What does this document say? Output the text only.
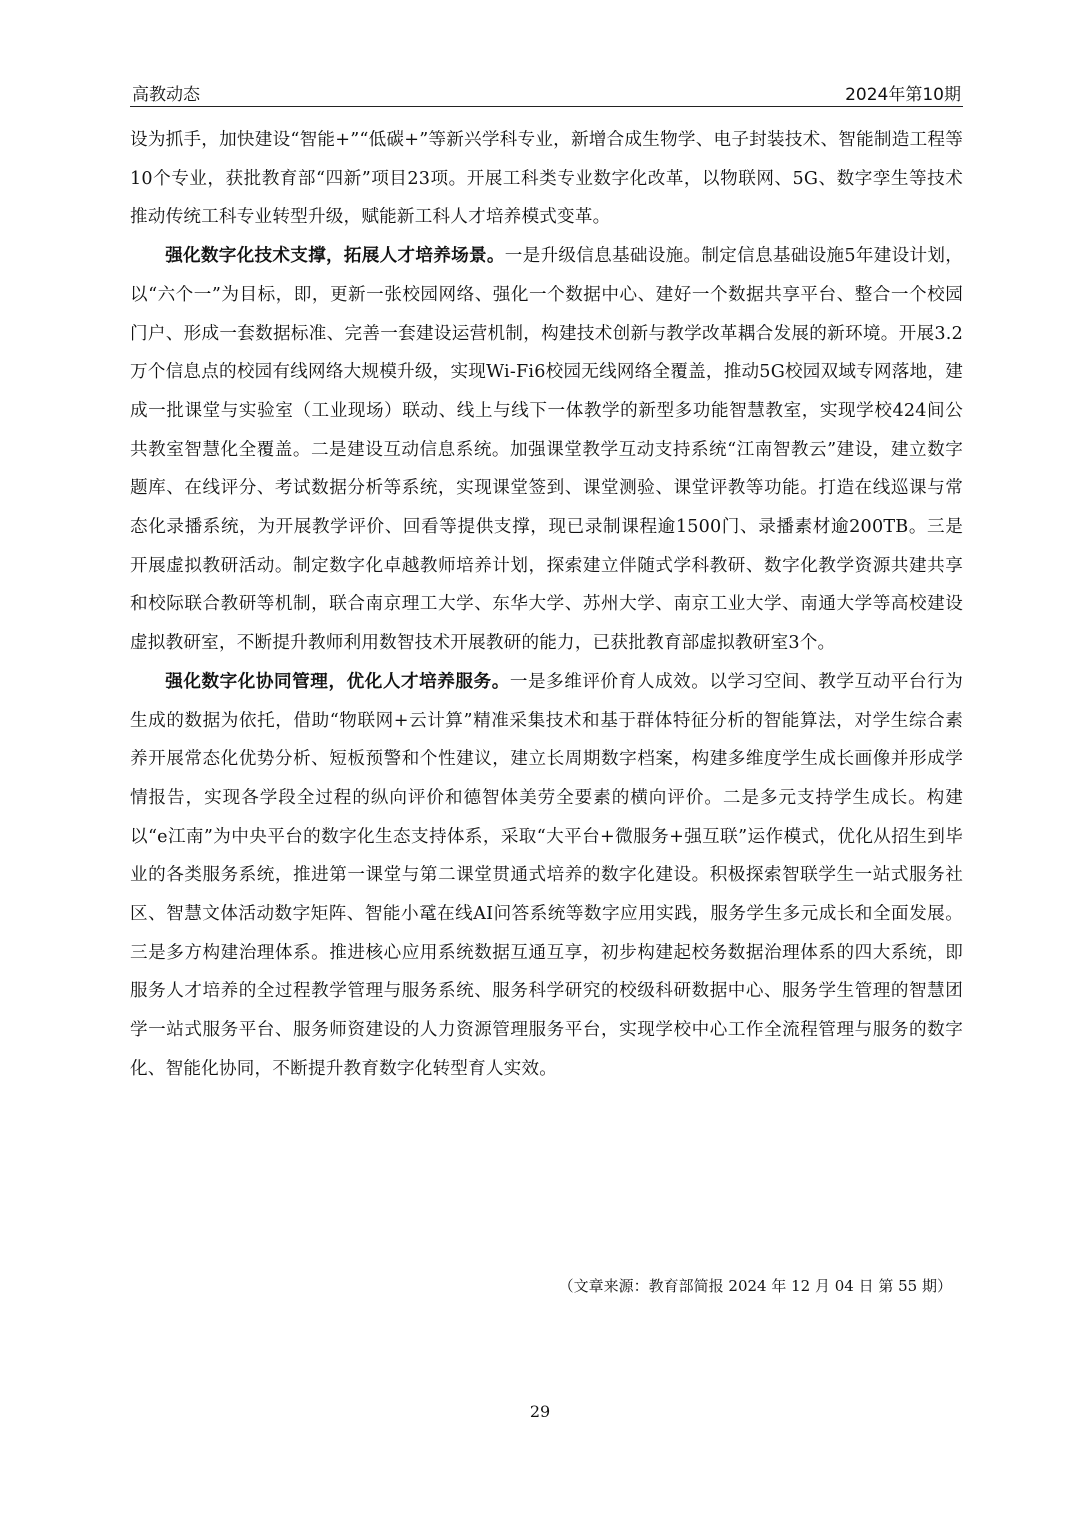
高教动态	2024年第10期

设为抓手，加快建设“智能+”“低碳+”等新兴学科专业，新增合成生物学、电子封装技术、智能制造工程等10个专业，获批教育部“四新”项目23项。开展工科类专业数字化改革，以物联网、5G、数字孪生等技术推动传统工科专业转型升级，赋能新工科人才培养模式变革。

强化数字化技术支撑，拓展人才培养场景。一是升级信息基础设施。制定信息基础设施5年建设计划，以“六个一”为目标，即，更新一张校园网络、强化一个数据中心、建好一个数据共享平台、整合一个校园门户、形成一套数据标准、完善一套建设运营机制，构建技术创新与教学改革耦合发展的新环境。开展3.2万个信息点的校园有线网络大规模升级，实现Wi-Fi6校园无线网络全覆盖，推动5G校园双域专网落地，建成一批课堂与实验室（工业现场）联动、线上与线下一体教学的新型多功能智慧教室，实现学校424间公共教室智慧化全覆盖。二是建设互动信息系统。加强课堂教学互动支持系统“江南智教云”建设，建立数字题库、在线评分、考试数据分析等系统，实现课堂签到、课堂测验、课堂评教等功能。打造在线巡课与常态化录播系统，为开展教学评价、回看等提供支撑，现已录制课程逾1500门、录播素材逾200TB。三是开展虚拟教研活动。制定数字化卓越教师培养计划，探索建立伴随式学科教研、数字化教学资源共建共享和校际联合教研等机制，联合南京理工大学、东华大学、苏州大学、南京工业大学、南通大学等高校建设虚拟教研室，不断提升教师利用数智技术开展教研的能力，已获批教育部虚拟教研室3个。

强化数字化协同管理，优化人才培养服务。一是多维评价育人成效。以学习空间、教学互动平台行为生成的数据为依托，借助“物联网+云计算”精准采集技术和基于群体特征分析的智能算法，对学生综合素养开展常态化优势分析、短板预警和个性建议，建立长周期数字档案，构建多维度学生成长画像并形成学情报告，实现各学段全过程的纵向评价和德智体美劳全要素的横向评价。二是多元支持学生成长。构建以“e江南”为中央平台的数字化生态支持体系，采取“大平台+微服务+强互联”运作模式，优化从招生到毕业的各类服务系统，推进第一课堂与第二课堂贯通式培养的数字化建设。积极探索智联学生一站式服务社区、智慧文体活动数字矩阵、智能小鼋在线AI问答系统等数字应用实践，服务学生多元成长和全面发展。三是多方构建治理体系。推进核心应用系统数据互通互享，初步构建起校务数据治理体系的四大系统，即服务人才培养的全过程教学管理与服务系统、服务科学研究的校级科研数据中心、服务学生管理的智慧团学一站式服务平台、服务师资建设的人力资源管理服务平台，实现学校中心工作全流程管理与服务的数字化、智能化协同，不断提升教育数字化转型育人实效。

（文章来源：教育部简报 2024 年 12 月 04 日 第 55 期）
29
